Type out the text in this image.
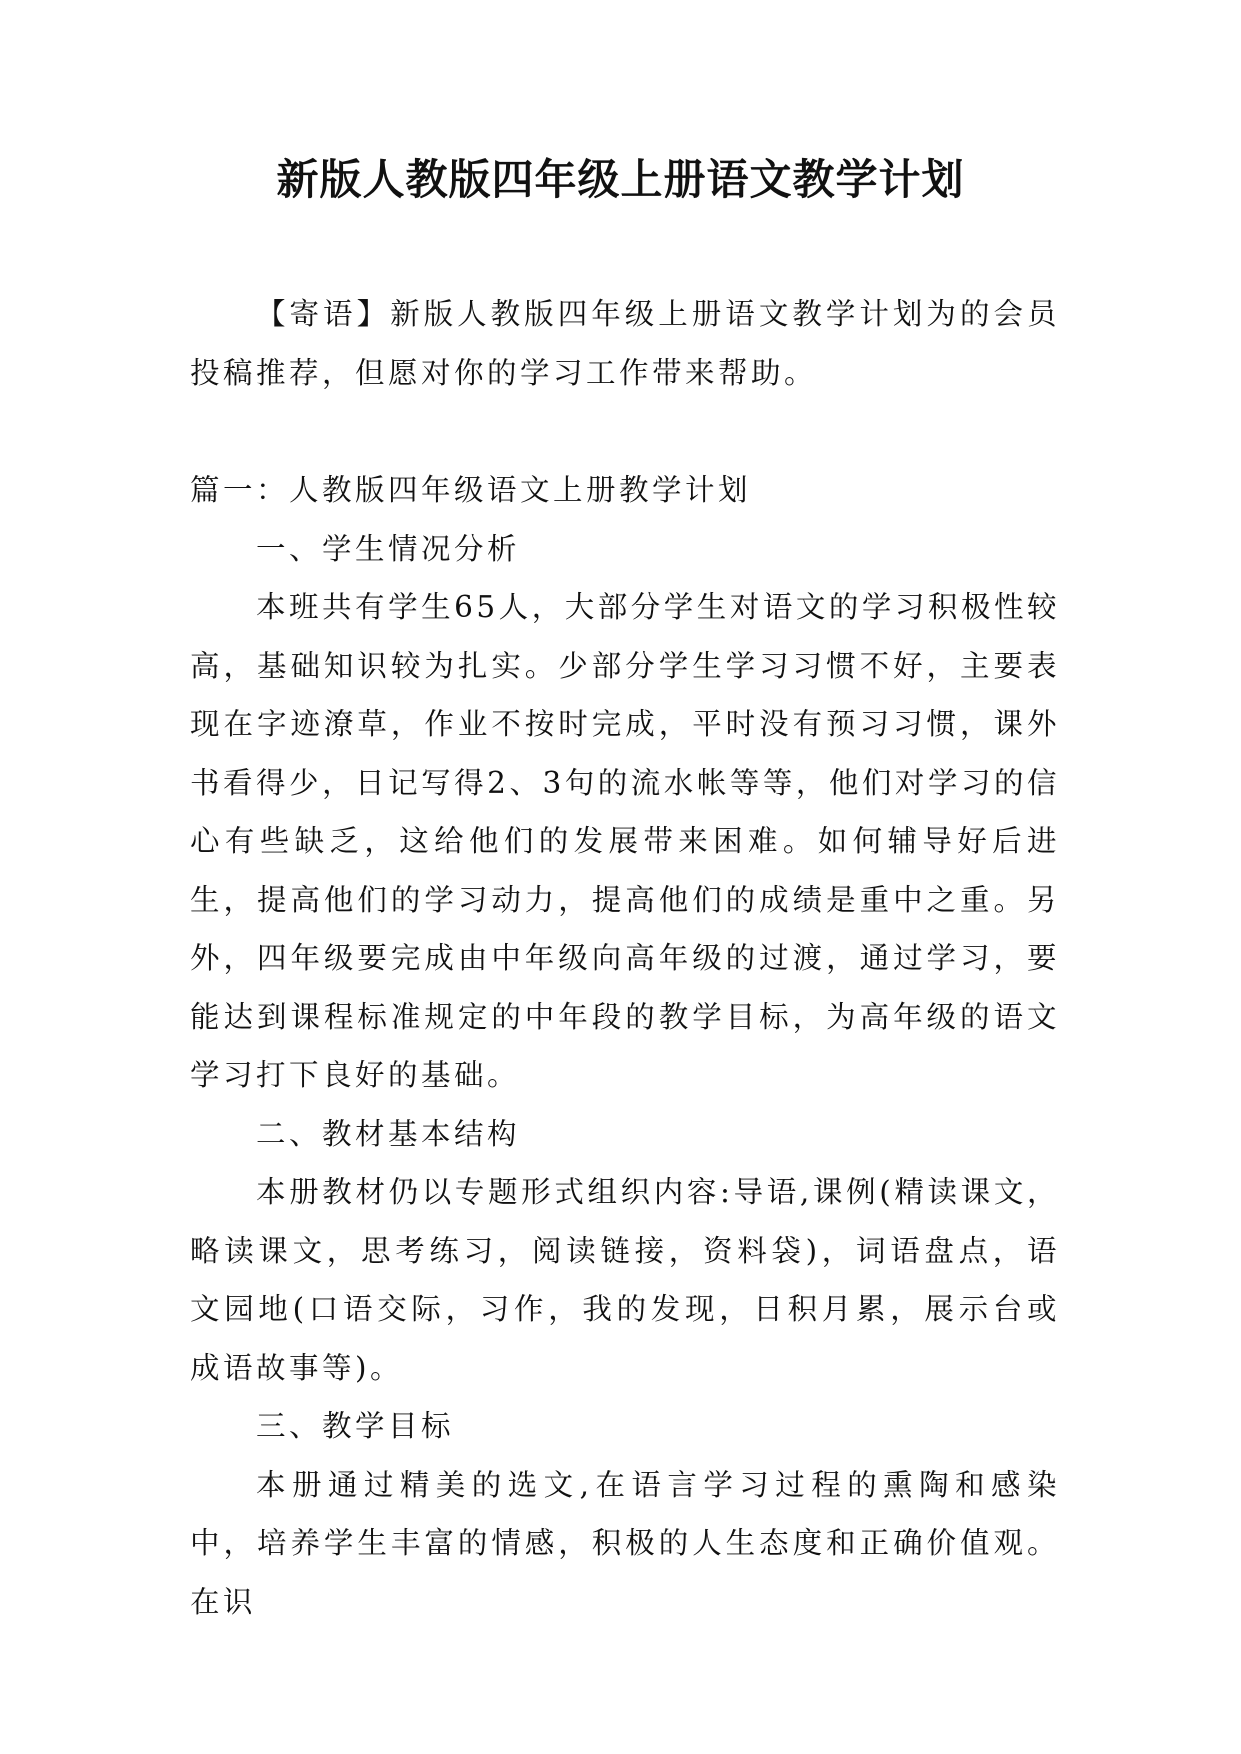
新版人教版四年级上册语文教学计划

【寄语】新版人教版四年级上册语文教学计划为的会员投稿推荐，但愿对你的学习工作带来帮助。

篇一：人教版四年级语文上册教学计划

一、学生情况分析

本班共有学生65人，大部分学生对语文的学习积极性较高，基础知识较为扎实。少部分学生学习习惯不好，主要表现在字迹潦草，作业不按时完成，平时没有预习习惯，课外书看得少，日记写得2、3句的流水帐等等，他们对学习的信心有些缺乏，这给他们的发展带来困难。如何辅导好后进生，提高他们的学习动力，提高他们的成绩是重中之重。另外，四年级要完成由中年级向高年级的过渡，通过学习，要能达到课程标准规定的中年段的教学目标，为高年级的语文学习打下良好的基础。

二、教材基本结构

本册教材仍以专题形式组织内容:导语,课例(精读课文，略读课文，思考练习，阅读链接，资料袋)，词语盘点，语文园地(口语交际，习作，我的发现，日积月累，展示台或成语故事等)。

三、教学目标

本册通过精美的选文,在语言学习过程的熏陶和感染中，培养学生丰富的情感，积极的人生态度和正确价值观。在识
